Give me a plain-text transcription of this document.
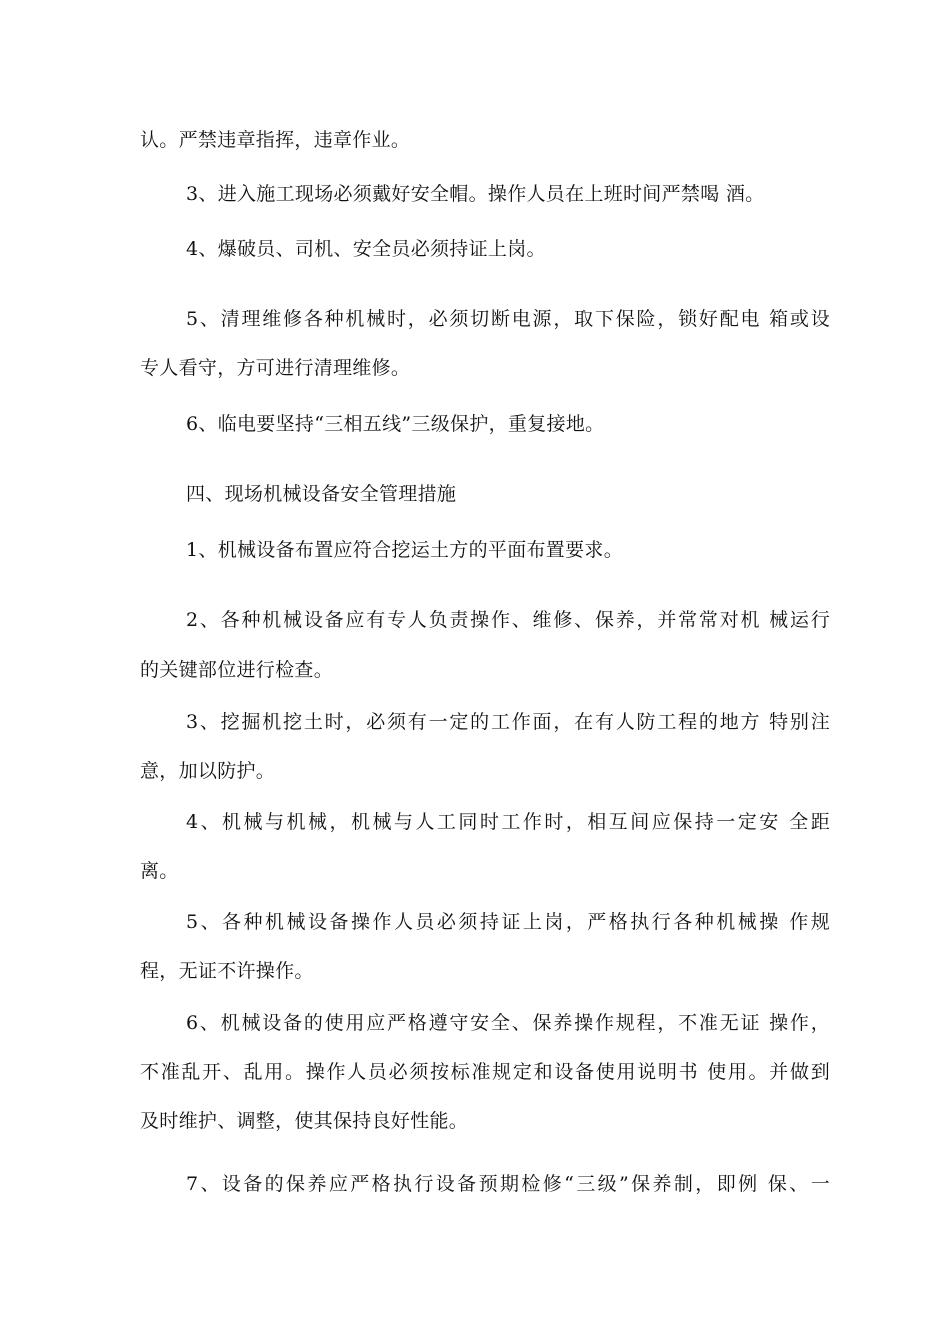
认。严禁违章指挥，违章作业。
3、进入施工现场必须戴好安全帽。操作人员在上班时间严禁喝 酒。
4、爆破员、司机、安全员必须持证上岗。
5、清理维修各种机械时，必须切断电源，取下保险，锁好配电 箱或设
专人看守，方可进行清理维修。
6、临电要坚持“三相五线”三级保护，重复接地。
四、现场机械设备安全管理措施
1、机械设备布置应符合挖运土方的平面布置要求。
2、各种机械设备应有专人负责操作、维修、保养，并常常对机 械运行
的关键部位进行检查。
3、挖掘机挖土时，必须有一定的工作面，在有人防工程的地方 特别注
意，加以防护。
4、机械与机械，机械与人工同时工作时，相互间应保持一定安 全距
离。
5、各种机械设备操作人员必须持证上岗，严格执行各种机械操 作规
程，无证不许操作。
6、机械设备的使用应严格遵守安全、保养操作规程，不准无证 操作，
不准乱开、乱用。操作人员必须按标准规定和设备使用说明书 使用。并做到
及时维护、调整，使其保持良好性能。
7、设备的保养应严格执行设备预期检修“三级”保养制，即例 保、一
